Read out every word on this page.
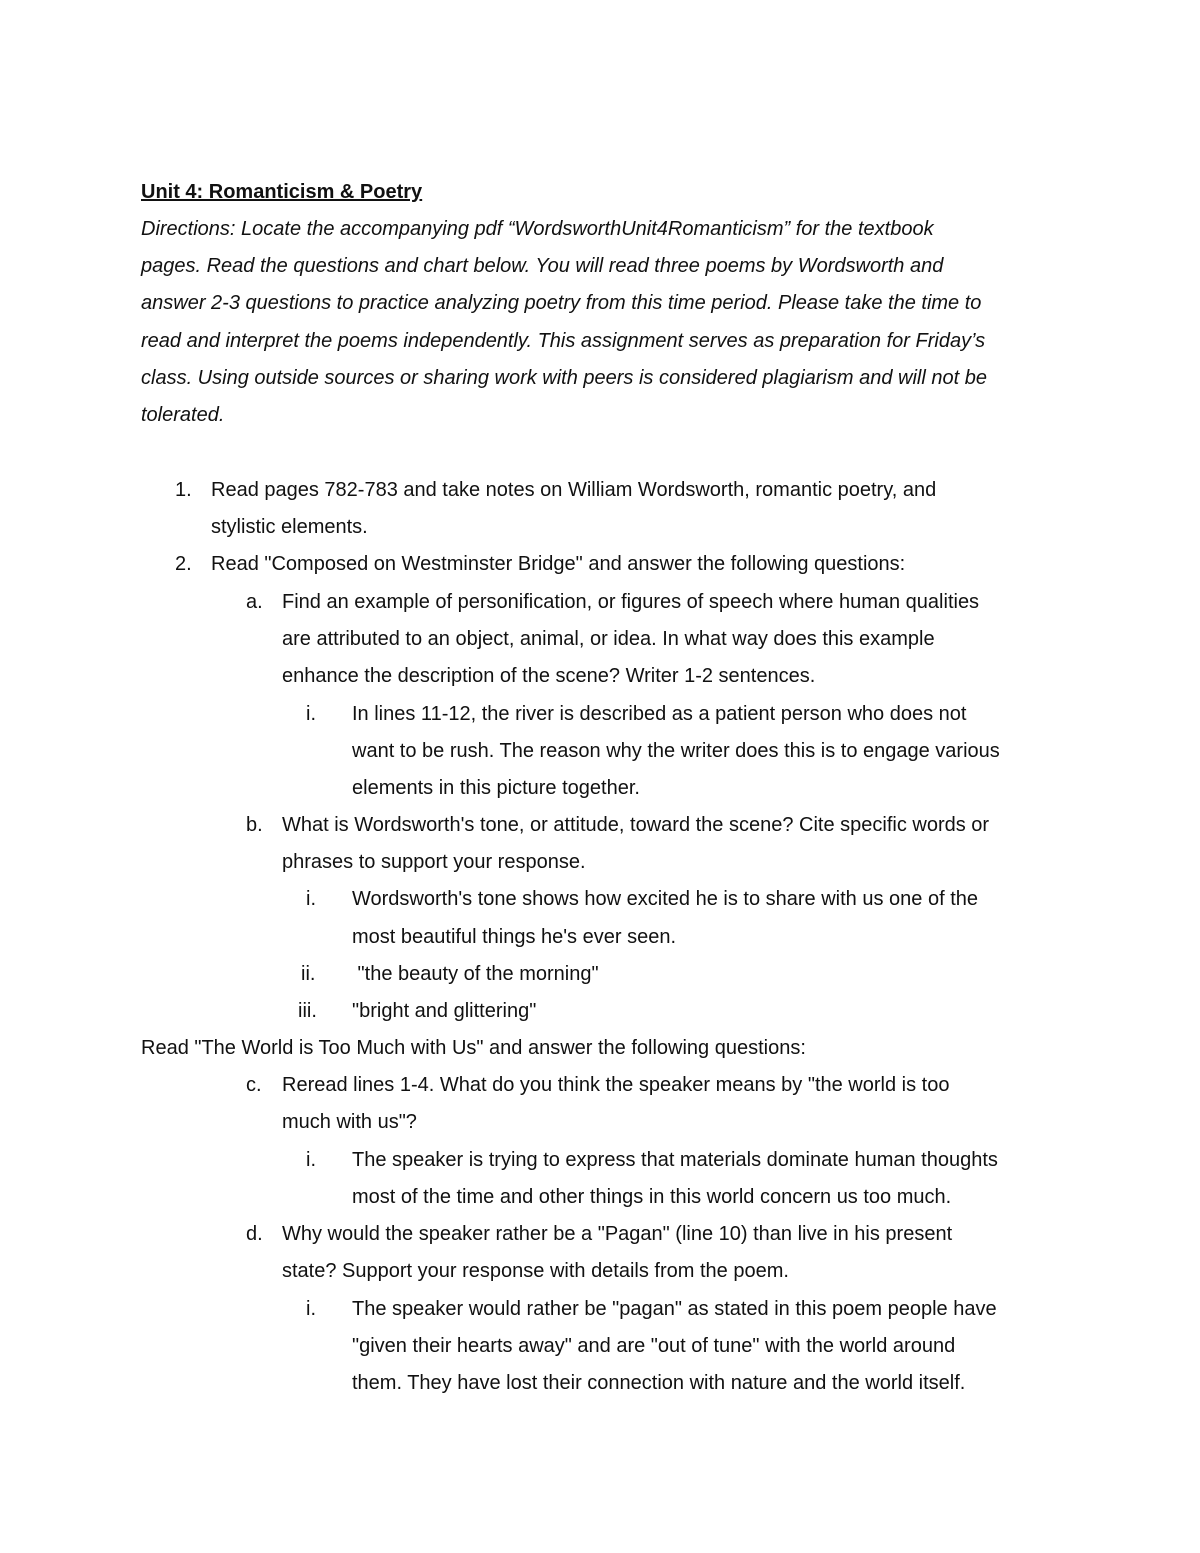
Unit 4: Romanticism & Poetry
Directions: Locate the accompanying pdf “WordsworthUnit4Romanticism” for the textbook
pages. Read the questions and chart below. You will read three poems by Wordsworth and
answer 2-3 questions to practice analyzing poetry from this time period. Please take the time to
read and interpret the poems independently. This assignment serves as preparation for Friday’s
class. Using outside sources or sharing work with peers is considered plagiarism and will not be
tolerated.
1. Read pages 782-783 and take notes on William Wordsworth, romantic poetry, and
stylistic elements.
2. Read "Composed on Westminster Bridge" and answer the following questions:
a. Find an example of personification, or figures of speech where human qualities
are attributed to an object, animal, or idea. In what way does this example
enhance the description of the scene? Writer 1-2 sentences.
i. In lines 11-12, the river is described as a patient person who does not
want to be rush. The reason why the writer does this is to engage various
elements in this picture together.
b. What is Wordsworth's tone, or attitude, toward the scene? Cite specific words or
phrases to support your response.
i. Wordsworth's tone shows how excited he is to share with us one of the
most beautiful things he's ever seen.
ii. "the beauty of the morning"
iii. "bright and glittering"
Read "The World is Too Much with Us" and answer the following questions:
c. Reread lines 1-4. What do you think the speaker means by "the world is too
much with us"?
i. The speaker is trying to express that materials dominate human thoughts
most of the time and other things in this world concern us too much.
d. Why would the speaker rather be a "Pagan" (line 10) than live in his present
state? Support your response with details from the poem.
i. The speaker would rather be "pagan" as stated in this poem people have
"given their hearts away" and are "out of tune" with the world around
them. They have lost their connection with nature and the world itself.
